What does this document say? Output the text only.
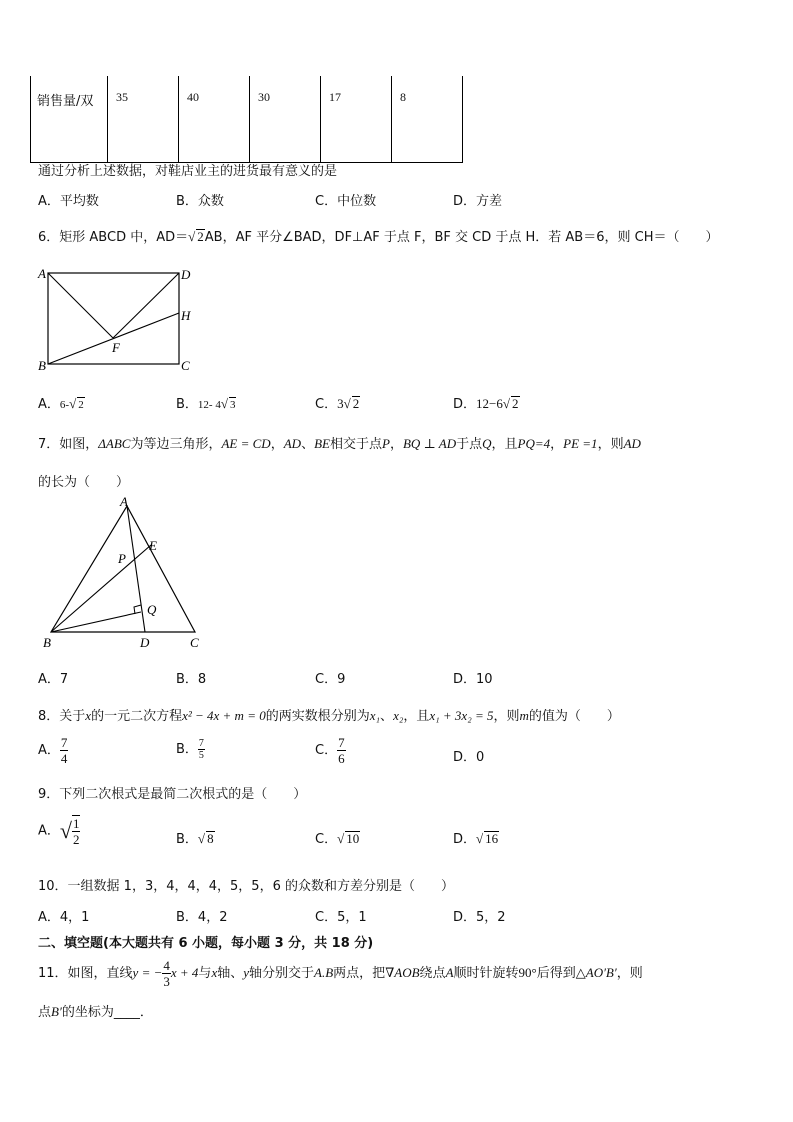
销售量/双	35	40	30	17	8
通过分析上述数据，对鞋店业主的进货最有意义的是
A．平均数	B．众数	C．中位数	D．方差
6．矩形 ABCD 中，AD＝√ 2AB，AF 平分∠BAD，DF⊥AF 于点 F，BF 交 CD 于点 H．若 AB＝6，则 CH＝（　　）
A	D
H
B	C
F
A．6-√ 2	B．12- 4√ 3	C．3√ 2	D．12−6√ 2
7．如图，ΔABC为等边三角形，AE = CD，AD、BE相交于点P，BQ ⊥ AD于点Q，且PQ=4，PE =1，则AD
的长为（　　）
A
E
P
Q
B	D	C
A．7	B．8	C．9	D．10
8．关于x的一元二次方程x² − 4x + m = 0的两实数根分别为x₁、x₂，且x₁ + 3x₂ = 5，则m的值为（　　）
A． $\frac{7}{4}$	B． $\frac{7}{5}$	C． $\frac{7}{6}$	D．0
9．下列二次根式是最简二次根式的是（　　）
A．√ $\frac{1}{2}$	B．√ 8	C．√ 10	D．√ 16
10．一组数据 1，3，4，4，4，5，5，6 的众数和方差分别是（　　）
A．4，1	B．4，2	C．5，1	D．5，2
二、填空题(本大题共有 6 小题，每小题 3 分，共 18 分)
11．如图，直线y = − $\frac{4}{3}$ x + 4与x轴、y轴分别交于A.B两点，把∇AOB绕点A顺时针旋转90°后得到△AO′B′，则
点B′的坐标为____．
